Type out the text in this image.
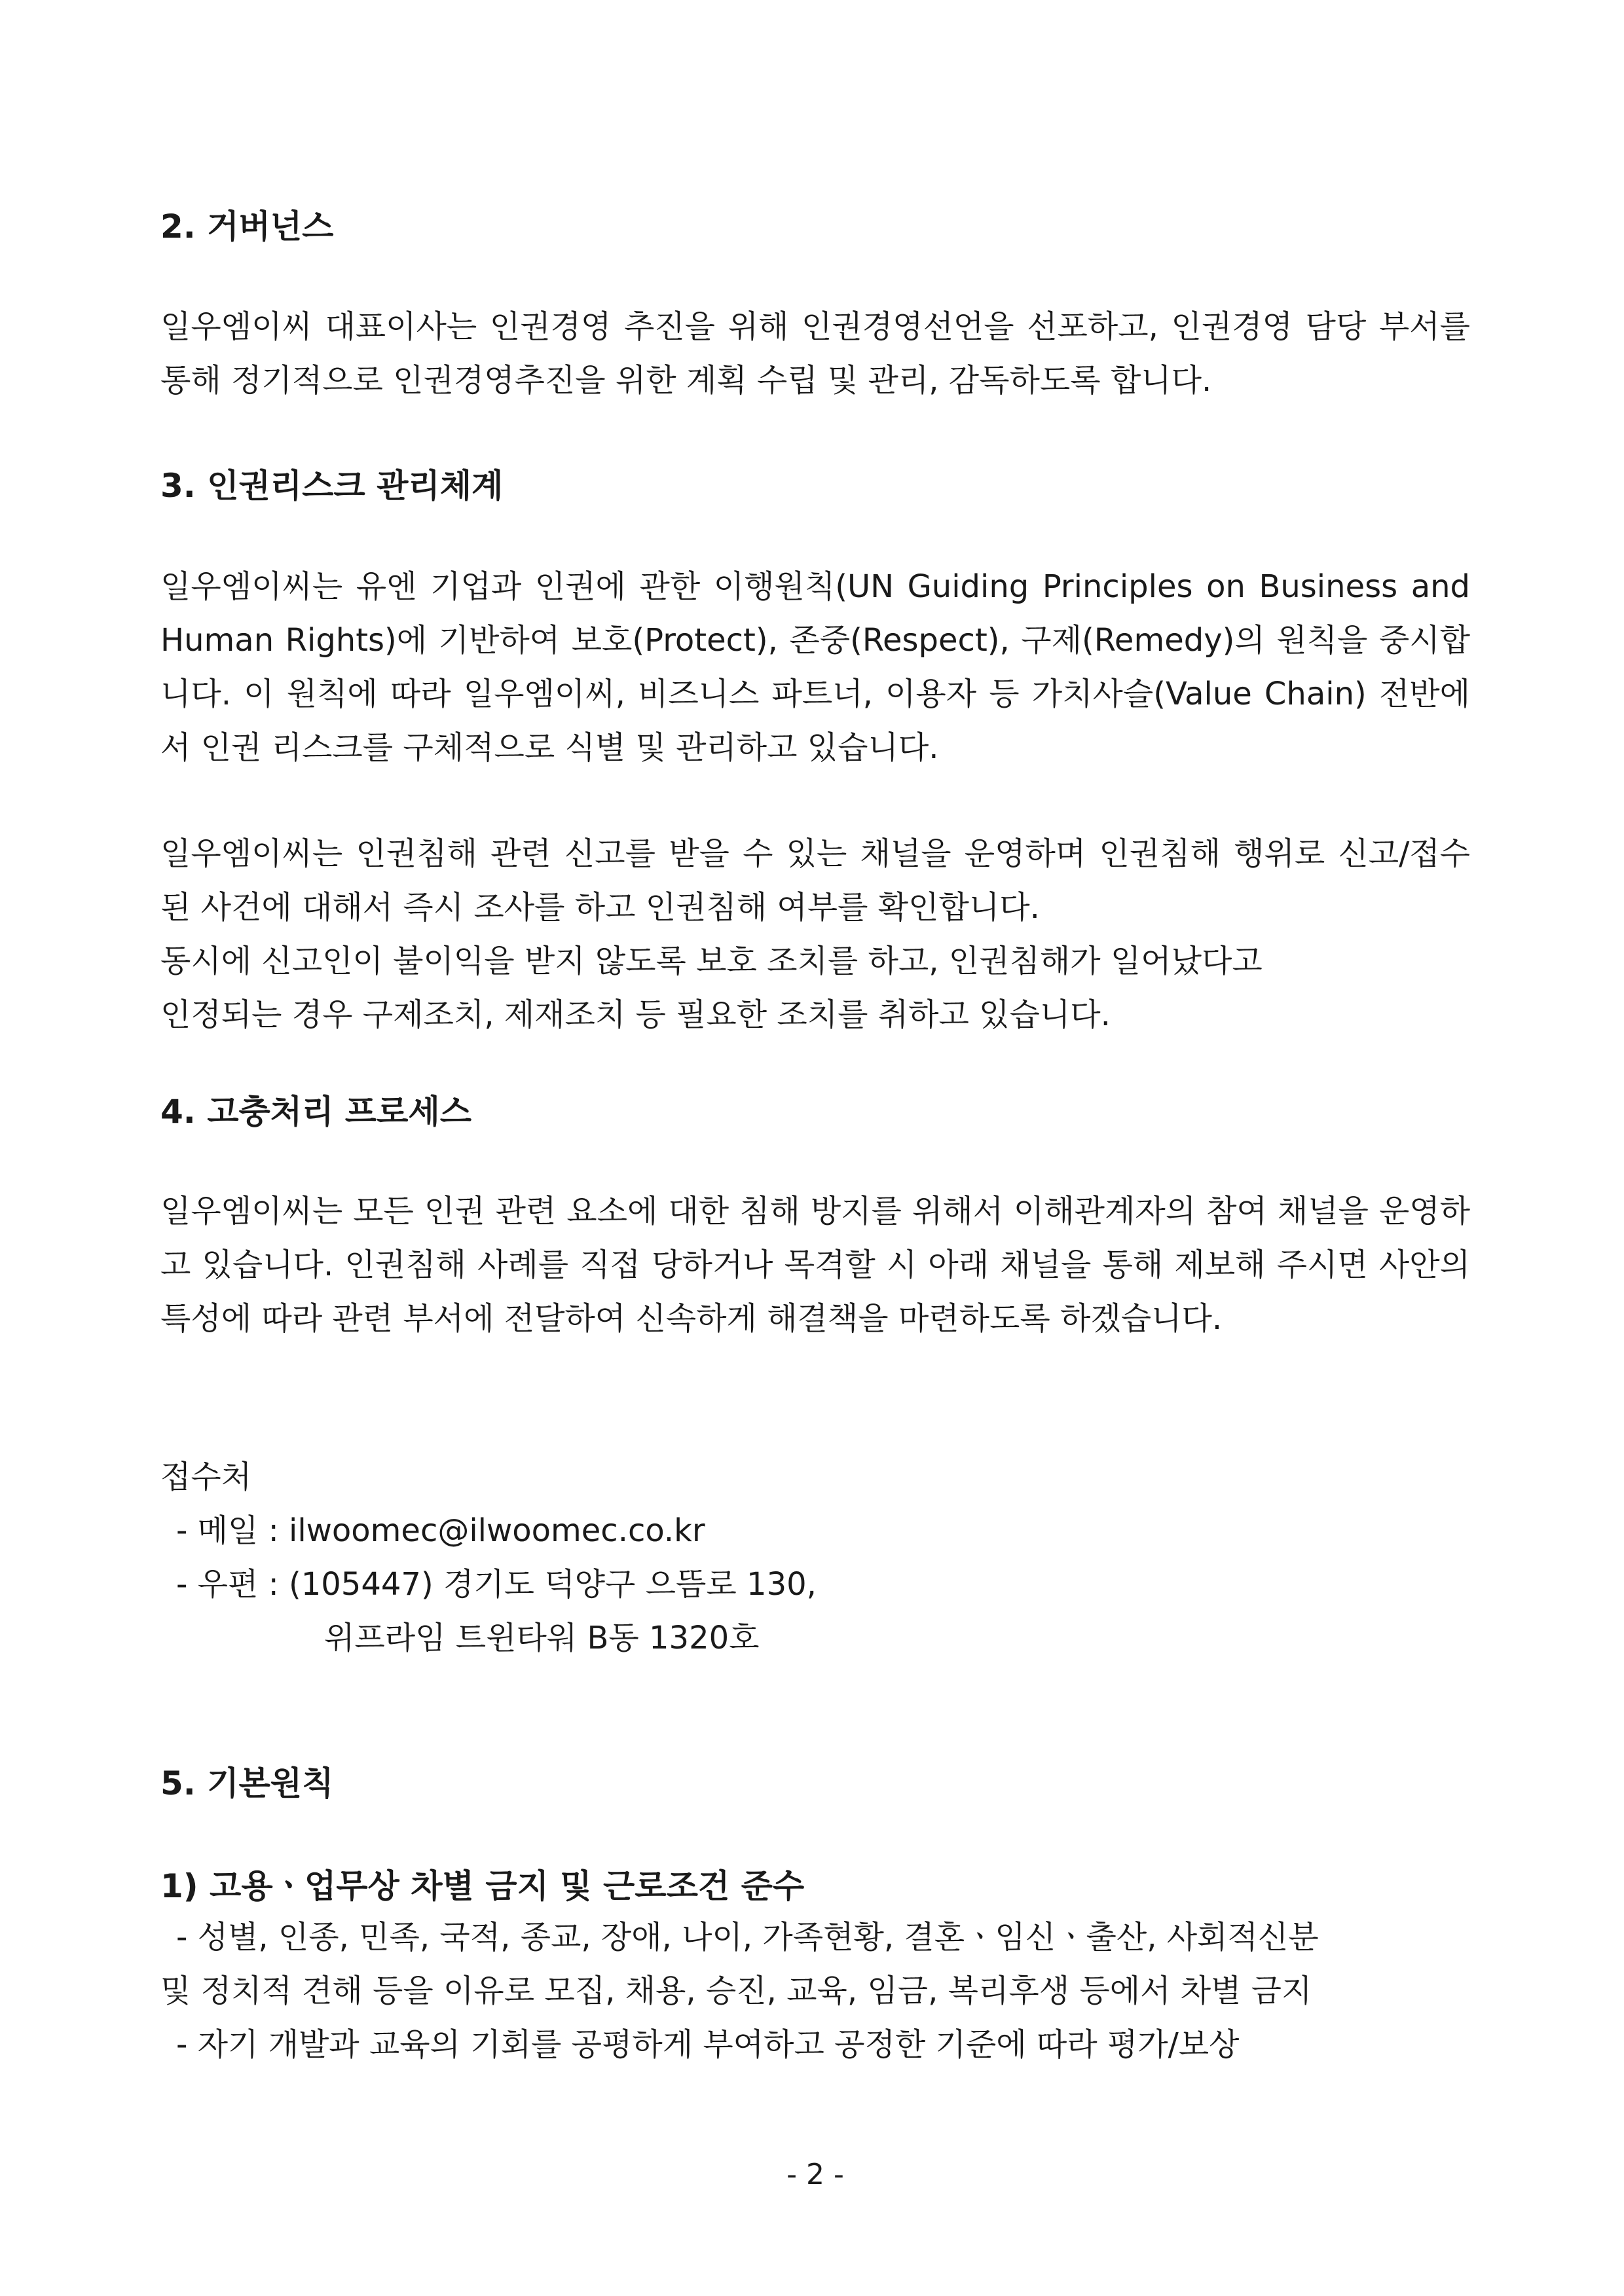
2. 거버넌스

일우엠이씨 대표이사는 인권경영 추진을 위해 인권경영선언을 선포하고, 인권경영 담당 부서를 통해 정기적으로 인권경영추진을 위한 계획 수립 및 관리, 감독하도록 합니다.

3. 인권리스크 관리체계

일우엠이씨는 유엔 기업과 인권에 관한 이행원칙(UN Guiding Principles on Business and Human Rights)에 기반하여 보호(Protect), 존중(Respect), 구제(Remedy)의 원칙을 중시합니다. 이 원칙에 따라 일우엠이씨, 비즈니스 파트너, 이용자 등 가치사슬(Value Chain) 전반에서 인권 리스크를 구체적으로 식별 및 관리하고 있습니다.

일우엠이씨는 인권침해 관련 신고를 받을 수 있는 채널을 운영하며 인권침해 행위로 신고/접수 된 사건에 대해서 즉시 조사를 하고 인권침해 여부를 확인합니다.

동시에 신고인이 불이익을 받지 않도록 보호 조치를 하고, 인권침해가 일어났다고

인정되는 경우 구제조치, 제재조치 등 필요한 조치를 취하고 있습니다.

4. 고충처리 프로세스

일우엠이씨는 모든 인권 관련 요소에 대한 침해 방지를 위해서 이해관계자의 참여 채널을 운영하고 있습니다. 인권침해 사례를 직접 당하거나 목격할 시 아래 채널을 통해 제보해 주시면 사안의 특성에 따라 관련 부서에 전달하여 신속하게 해결책을 마련하도록 하겠습니다.

접수처

- 메일 : ilwoomec@ilwoomec.co.kr

- 우편 : (105447) 경기도 덕양구 으뜸로 130,

위프라임 트윈타워 B동 1320호

5. 기본원칙
1) 고용ㆍ업무상 차별 금지 및 근로조건 준수

- 성별, 인종, 민족, 국적, 종교, 장애, 나이, 가족현황, 결혼ㆍ임신ㆍ출산, 사회적신분

및 정치적 견해 등을 이유로 모집, 채용, 승진, 교육, 임금, 복리후생 등에서 차별 금지

- 자기 개발과 교육의 기회를 공평하게 부여하고 공정한 기준에 따라 평가/보상

- 2 -
